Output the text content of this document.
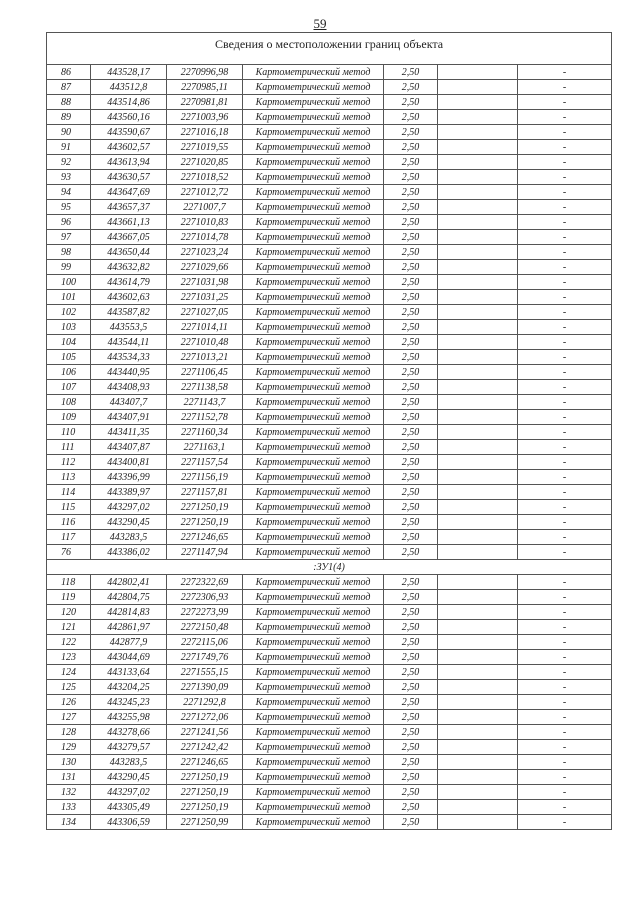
59
Сведения о местоположении границ объекта						
86	443528,17	2270996,98	Картометрический метод	2,50		-
87	443512,8	2270985,11	Картометрический метод	2,50		-
88	443514,86	2270981,81	Картометрический метод	2,50		-
89	443560,16	2271003,96	Картометрический метод	2,50		-
90	443590,67	2271016,18	Картометрический метод	2,50		-
91	443602,57	2271019,55	Картометрический метод	2,50		-
92	443613,94	2271020,85	Картометрический метод	2,50		-
93	443630,57	2271018,52	Картометрический метод	2,50		-
94	443647,69	2271012,72	Картометрический метод	2,50		-
95	443657,37	2271007,7	Картометрический метод	2,50		-
96	443661,13	2271010,83	Картометрический метод	2,50		-
97	443667,05	2271014,78	Картометрический метод	2,50		-
98	443650,44	2271023,24	Картометрический метод	2,50		-
99	443632,82	2271029,66	Картометрический метод	2,50		-
100	443614,79	2271031,98	Картометрический метод	2,50		-
101	443602,63	2271031,25	Картометрический метод	2,50		-
102	443587,82	2271027,05	Картометрический метод	2,50		-
103	443553,5	2271014,11	Картометрический метод	2,50		-
104	443544,11	2271010,48	Картометрический метод	2,50		-
105	443534,33	2271013,21	Картометрический метод	2,50		-
106	443440,95	2271106,45	Картометрический метод	2,50		-
107	443408,93	2271138,58	Картометрический метод	2,50		-
108	443407,7	2271143,7	Картометрический метод	2,50		-
109	443407,91	2271152,78	Картометрический метод	2,50		-
110	443411,35	2271160,34	Картометрический метод	2,50		-
111	443407,87	2271163,1	Картометрический метод	2,50		-
112	443400,81	2271157,54	Картометрический метод	2,50		-
113	443396,99	2271156,19	Картометрический метод	2,50		-
114	443389,97	2271157,81	Картометрический метод	2,50		-
115	443297,02	2271250,19	Картометрический метод	2,50		-
116	443290,45	2271250,19	Картометрический метод	2,50		-
117	443283,5	2271246,65	Картометрический метод	2,50		-
76	443386,02	2271147,94	Картометрический метод	2,50		-
:ЗУ1(4)						
118	442802,41	2272322,69	Картометрический метод	2,50		-
119	442804,75	2272306,93	Картометрический метод	2,50		-
120	442814,83	2272273,99	Картометрический метод	2,50		-
121	442861,97	2272150,48	Картометрический метод	2,50		-
122	442877,9	2272115,06	Картометрический метод	2,50		-
123	443044,69	2271749,76	Картометрический метод	2,50		-
124	443133,64	2271555,15	Картометрический метод	2,50		-
125	443204,25	2271390,09	Картометрический метод	2,50		-
126	443245,23	2271292,8	Картометрический метод	2,50		-
127	443255,98	2271272,06	Картометрический метод	2,50		-
128	443278,66	2271241,56	Картометрический метод	2,50		-
129	443279,57	2271242,42	Картометрический метод	2,50		-
130	443283,5	2271246,65	Картометрический метод	2,50		-
131	443290,45	2271250,19	Картометрический метод	2,50		-
132	443297,02	2271250,19	Картометрический метод	2,50		-
133	443305,49	2271250,19	Картометрический метод	2,50		-
134	443306,59	2271250,99	Картометрический метод	2,50		-
